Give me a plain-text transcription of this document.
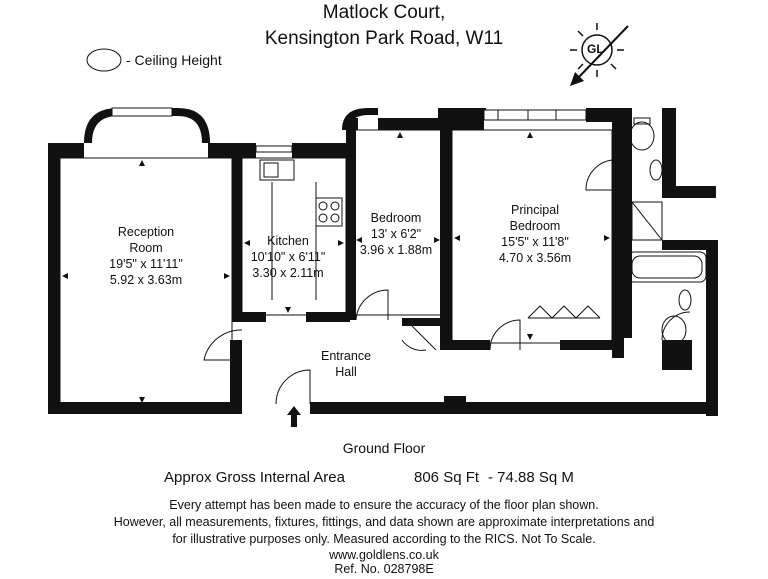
Matlock Court,
Kensington Park Road, W11
- Ceiling Height
GL
Reception
Room
19'5" x 11'11"
5.92 x 3.63m
Kitchen
10'10" x 6'11"
3.30 x 2.11m
Bedroom
13' x 6'2"
3.96 x 1.88m
Principal
Bedroom
15'5" x 11'8"
4.70 x 3.56m
Entrance
Hall
Ground Floor
Approx Gross Internal Area	806 Sq Ft - 74.88 Sq M
Every attempt has been made to ensure the accuracy of the floor plan shown.
However, all measurements, fixtures, fittings, and data shown are approximate interpretations and
for illustrative purposes only. Measured according to the RICS. Not To Scale.
www.goldlens.co.uk
Ref. No. 028798E
